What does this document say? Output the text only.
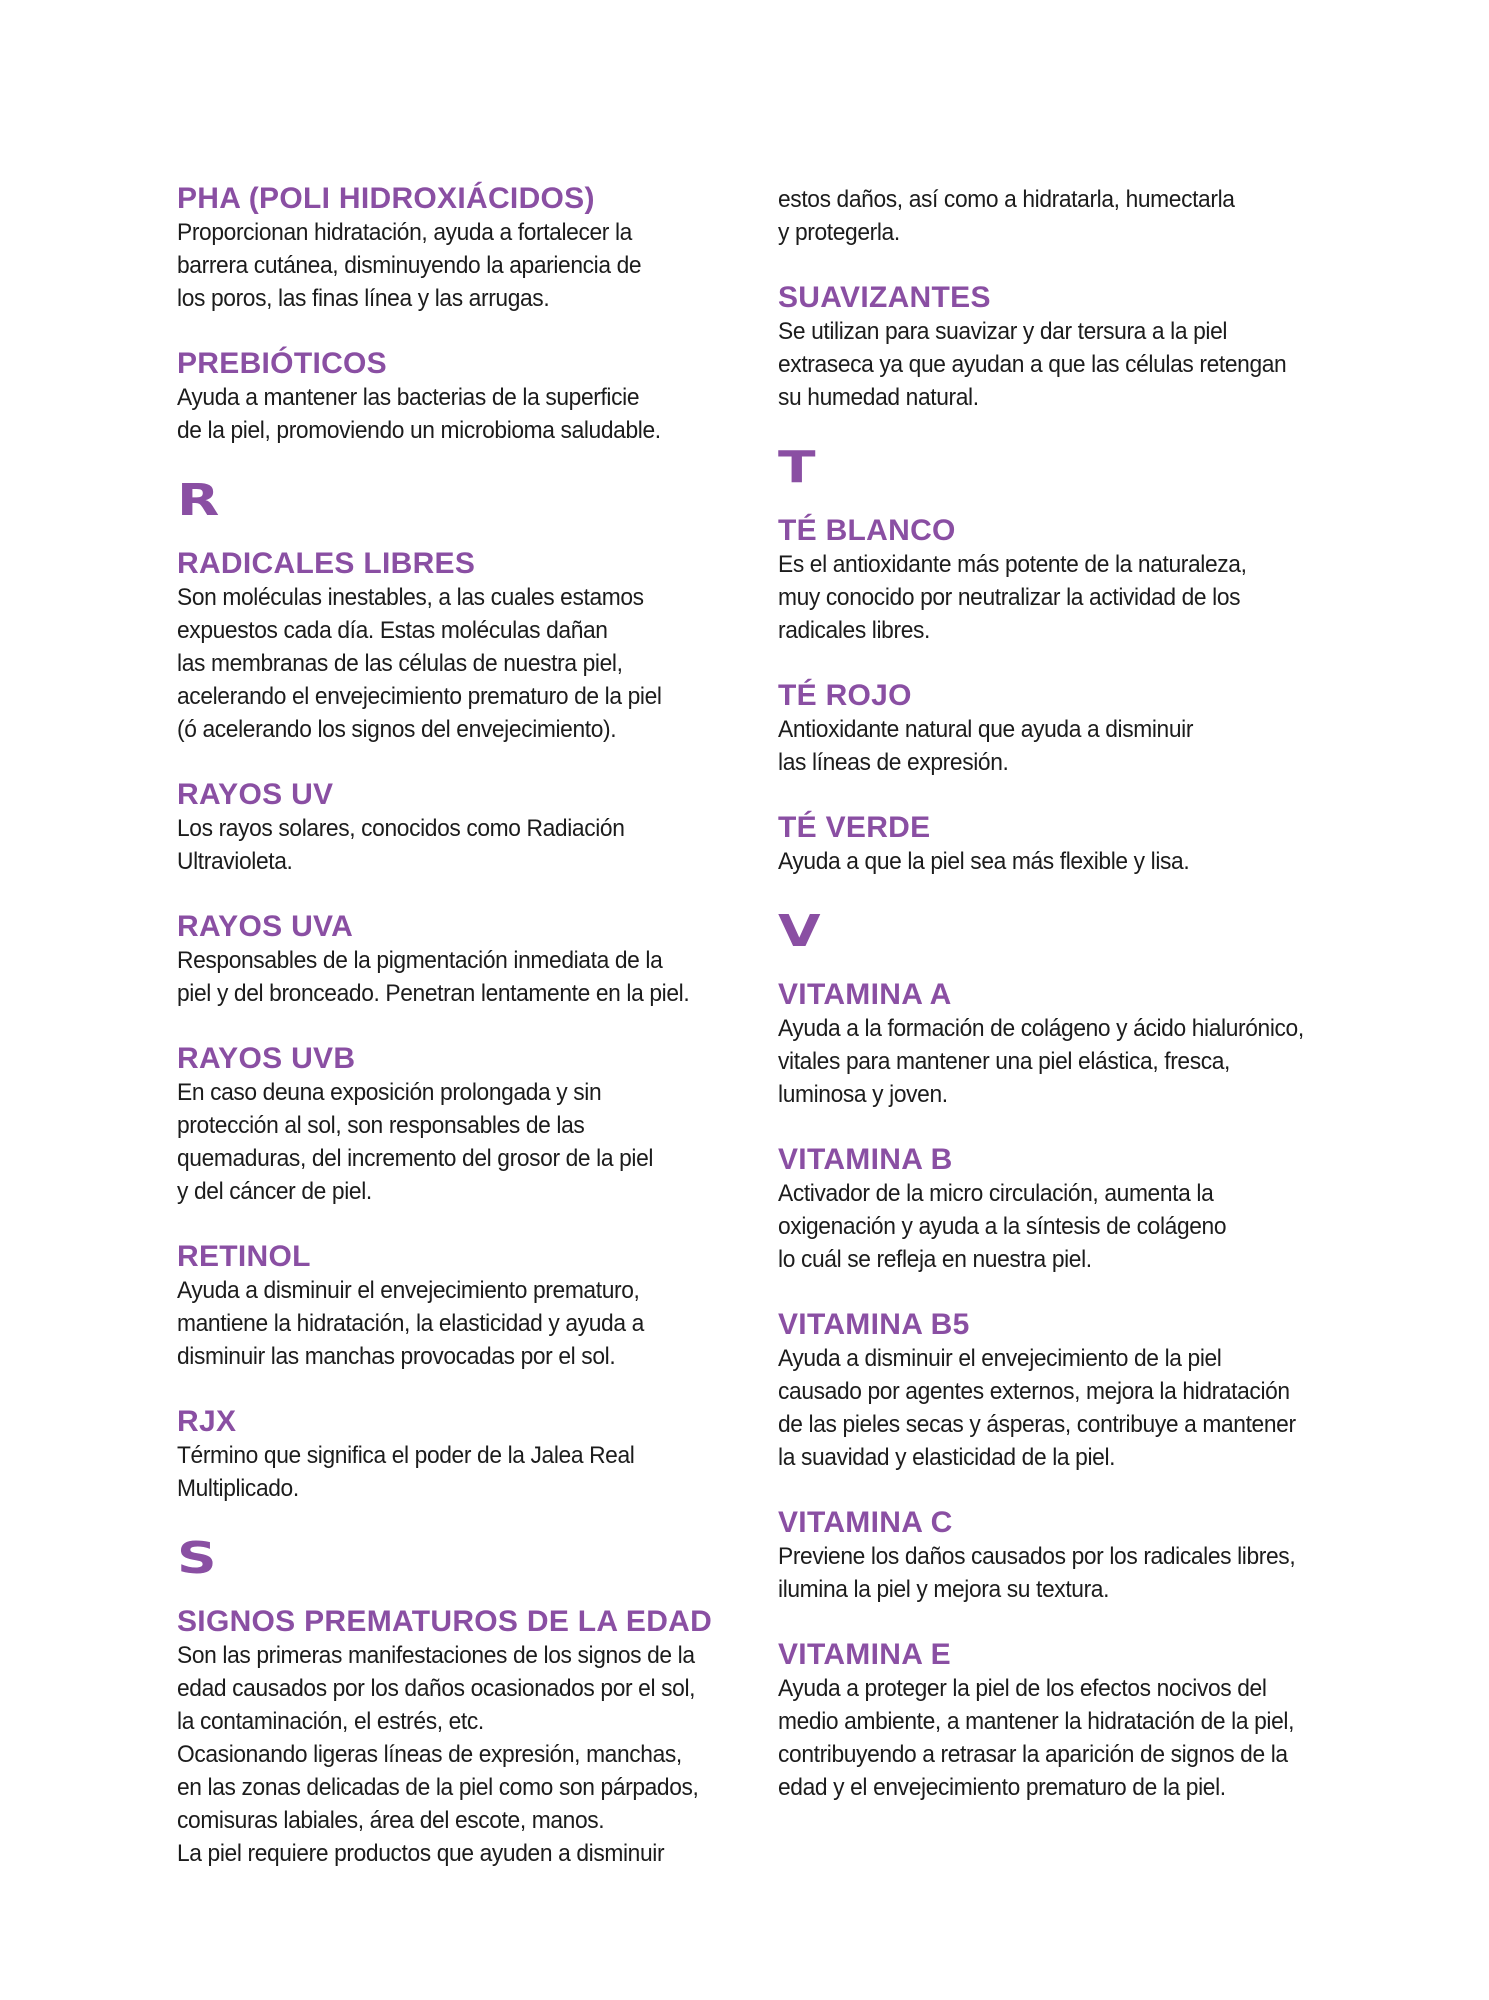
PHA (POLI HIDROXIÁCIDOS)

Proporcionan hidratación, ayuda a fortalecer la
barrera cutánea, disminuyendo la apariencia de
los poros, las finas línea y las arrugas.

PREBIÓTICOS

Ayuda a mantener las bacterias de la superficie
de la piel, promoviendo un microbioma saludable.

R
RADICALES LIBRES

Son moléculas inestables, a las cuales estamos
expuestos cada día. Estas moléculas dañan
las membranas de las células de nuestra piel,
acelerando el envejecimiento prematuro de la piel
(ó acelerando los signos del envejecimiento).

RAYOS UV

Los rayos solares, conocidos como Radiación
Ultravioleta.

RAYOS UVA

Responsables de la pigmentación inmediata de la
piel y del bronceado. Penetran lentamente en la piel.

RAYOS UVB

En caso deuna exposición prolongada y sin
protección al sol, son responsables de las
quemaduras, del incremento del grosor de la piel
y del cáncer de piel.

RETINOL

Ayuda a disminuir el envejecimiento prematuro,
mantiene la hidratación, la elasticidad y ayuda a
disminuir las manchas provocadas por el sol.

RJX

Término que significa el poder de la Jalea Real
Multiplicado.

S
SIGNOS PREMATUROS DE LA EDAD

Son las primeras manifestaciones de los signos de la
edad causados por los daños ocasionados por el sol,
la contaminación, el estrés, etc.
Ocasionando ligeras líneas de expresión, manchas,
en las zonas delicadas de la piel como son párpados,
comisuras labiales, área del escote, manos.
La piel requiere productos que ayuden a disminuir

estos daños, así como a hidratarla, humectarla
y protegerla.

SUAVIZANTES

Se utilizan para suavizar y dar tersura a la piel
extraseca ya que ayudan a que las células retengan
su humedad natural.

T
TÉ BLANCO

Es el antioxidante más potente de la naturaleza,
muy conocido por neutralizar la actividad de los
radicales libres.

TÉ ROJO

Antioxidante natural que ayuda a disminuir
las líneas de expresión.

TÉ VERDE

Ayuda a que la piel sea más flexible y lisa.

V
VITAMINA A

Ayuda a la formación de colágeno y ácido hialurónico,
vitales para mantener una piel elástica, fresca,
luminosa y joven.

VITAMINA B

Activador de la micro circulación, aumenta la
oxigenación y ayuda a la síntesis de colágeno
lo cuál se refleja en nuestra piel.

VITAMINA B5

Ayuda a disminuir el envejecimiento de la piel
causado por agentes externos, mejora la hidratación
de las pieles secas y ásperas, contribuye a mantener
la suavidad y elasticidad de la piel.

VITAMINA C

Previene los daños causados por los radicales libres,
ilumina la piel y mejora su textura.

VITAMINA E

Ayuda a proteger la piel de los efectos nocivos del
medio ambiente, a mantener la hidratación de la piel,
contribuyendo a retrasar la aparición de signos de la
edad y el envejecimiento prematuro de la piel.
